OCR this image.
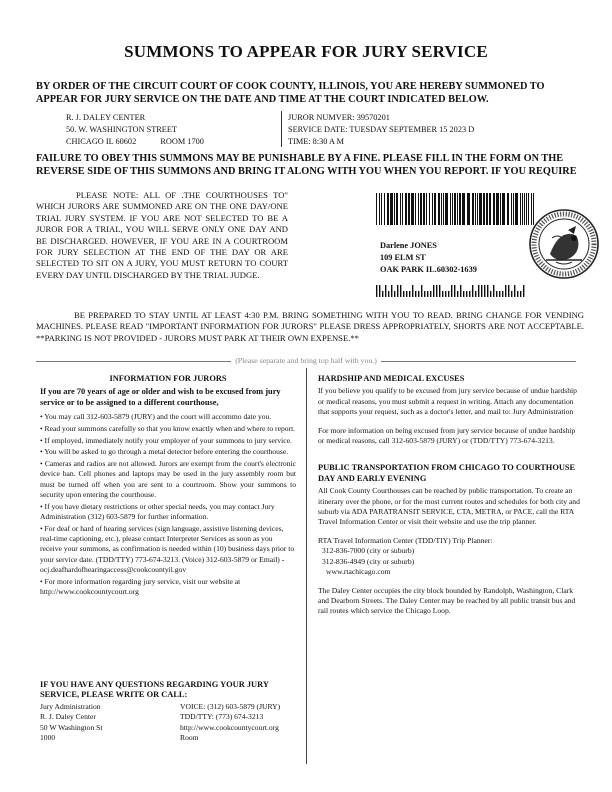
SUMMONS TO APPEAR FOR JURY SERVICE
BY ORDER OF THE CIRCUIT COURT OF COOK COUNTY, ILLINOIS, YOU ARE HEREBY SUMMONED TO APPEAR FOR JURY SERVICE ON THE DATE AND TIME AT THE COURT INDICATED BELOW.
R. J. DALEY CENTER
50. W. WASHINGTON STREET
CHICAGO IL 60602	ROOM 1700
JUROR NUMVER: 39570201
SERVICE DATE: TUESDAY SEPTEMBER 15 2023 D
TIME: 8:30 A M
FAILURE TO OBEY THIS SUMMONS MAY BE PUNISHABLE BY A FINE. PLEASE FILL IN THE FORM ON THE REVERSE SIDE OF THIS SUMMONS AND BRING IT ALONG WITH YOU WHEN YOU REPORT. IF YOU REQUIRE
PLEASE NOTE: ALL OF .THE COURTHOUSES TO" WHICH JURORS ARE SUMMONED ARE ON THE ONE DAY/ONE TRIAL JURY SYSTEM. IF YOU ARE NOT SELECTED TO BE A JUROR FOR A TRIAL, YOU WILL SERVE ONLY ONE DAY AND BE DISCHARGED. HOWEVER, IF YOU ARE IN A COURTROOM FOR JURY SELECTION AT THE END OF THE DAY OR ARE SELECTED TO SIT ON A JURY, YOU MUST RETURN TO COURT EVERY DAY UNTIL DISCHARGED BY THE TRIAL JUDGE.
Darlene JONES
109 ELM ST
OAK PARK IL.60302-1639
BE PREPARED TO STAY UNTIL AT LEAST 4:30 P.M. BRING SOMETHING WITH YOU TO READ. BRING CHANGE FOR VENDING MACHINES. PLEASE READ "IMPORTANT INFORMATION FOR JURORS" PLEASE DRESS APPROPRIATELY, SHORTS ARE NOT ACCEPTABLE. **PARKING IS NOT PROVIDED - JURORS MUST PARK AT THEIR OWN EXPENSE.**
(Please separate and bring top half with you.)
INFORMATION FOR JURORS

If you are 70 years of age or older and wish to be excused from jury service or to be assigned to a different courthouse,

• You may call 312-603-5879 (JURY) and the court will accommo date you.
• Read your summons carefully so that you know exactly when and where to report.
• If employed, immediately notify your employer of your summons to jury service.
• You will be asked to go through a metal detector before entering the courthouse.
• Cameras and radios are not allowed. Jurors are exempt from the court's electronic device ban. Cell phones and laptops may be used in the jury assembly room but must be turned off when you are sent to a courtroom. Show your summons to security upon entering the courthouse.
• If you have dietary restrictions or other special needs, you may contact Jury Administration (312) 603-5879 for further information.
• For deaf or hard of hearing services (sign language, assistive listening devices, real-time captioning, etc.), please contact Interpreter Services as soon as you receive your summons, as confirmation is needed within (10) business days prior to your service date. (TDD/TTY) 773-674-3213. (Voice) 312-603-5879 or Email) - ocj.deafhardofhearingaccess@cookcountyil.gov
• For more information regarding jury service, visit our website at http://www.cookcountycourt.org
IF YOU HAVE ANY QUESTIONS REGARDING YOUR JURY SERVICE, PLEASE WRITE OR CALL:
Jury Administration	VOICE: (312) 603-5879 (JURY)
R. J. Daley Center	TDD/TTY: (773) 674-3213
50 W Washington St	http://www.cookcountycourt.org
1000	Room
HARDSHIP AND MEDICAL EXCUSES

If you believe you qualify to be excused from jury service because of undue hardship or medical reasons, you must submit a request in writing. Attach any documentation that supports your request, such as a doctor's letter, and mail to: Jury Administration

For more information on being excused from jury service because of undue hardship or medical reasons, call 312-603-5879 (JURY) or (TDD/TTY) 773-674-3213.

PUBLIC TRANSPORTATION FROM CHICAGO TO COURTHOUSE DAY AND EARLY EVENING

All Cook County Courthouses can be reached by public transportation. To create an itinerary over the phone, or for the most current routes and schedules for both city and suburb via ADA PARATRANSIT SERVICE, CTA, METRA, or PACE, call the RTA Travel Information Center or visit their website and use the trip planner.

RTA Travel Information Center (TDD/TIY) Trip Planner:

312-836-7000 (city or suburb)

312-836-4949 (city or suburb)

www.rtachicago.com

The Daley Center occupies the city block bounded by Randolph, Washington, Clark and Dearborn Streets. The Daley Center may be reached by all public transit bus and rail routes which service the Chicago Loop.
